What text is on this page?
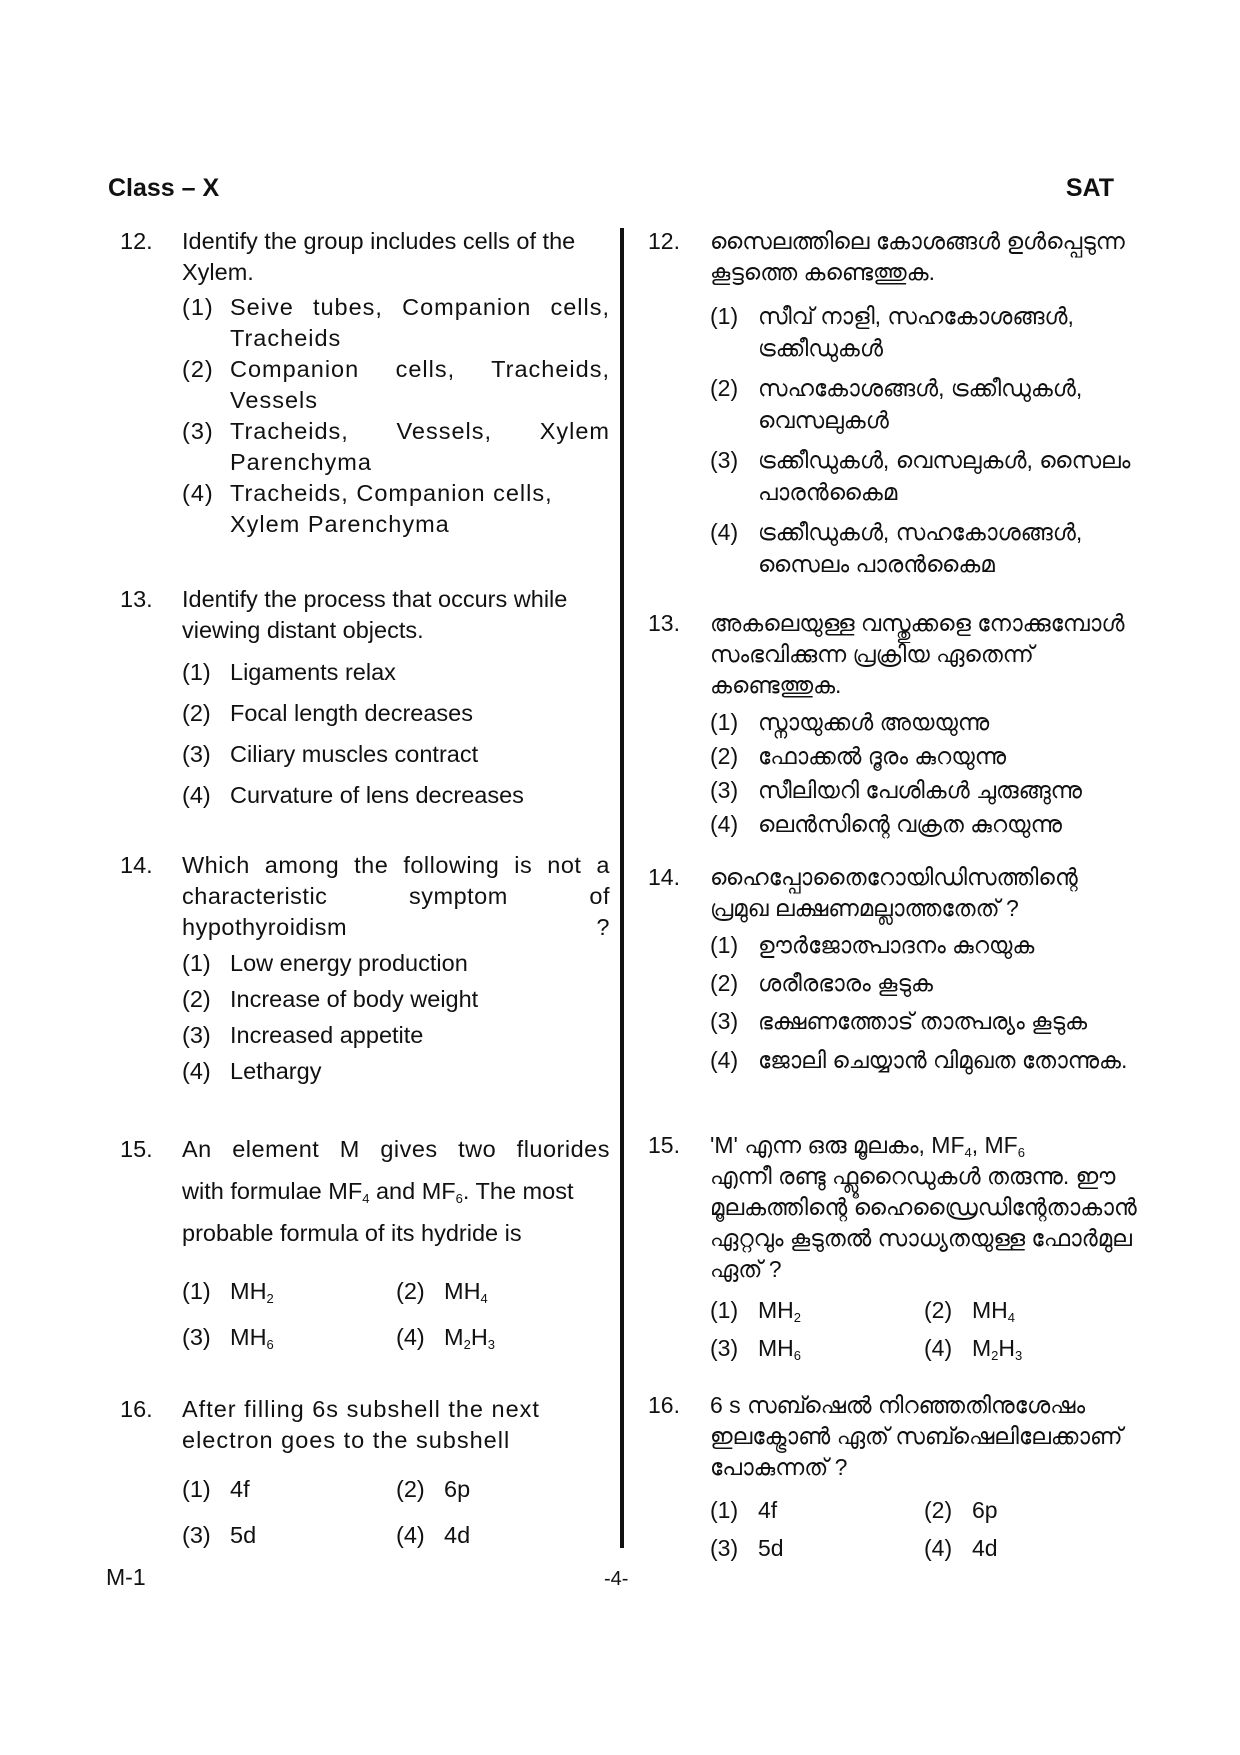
Class – X	SAT
12.	Identify the group includes cells of the Xylem.
(1) Seive tubes, Companion cells, Tracheids
(2) Companion cells, Tracheids, Vessels
(3) Tracheids, Vessels, Xylem Parenchyma
(4) Tracheids, Companion cells, Xylem Parenchyma
13.	Identify the process that occurs while viewing distant objects.
(1) Ligaments relax
(2) Focal length decreases
(3) Ciliary muscles contract
(4) Curvature of lens decreases
14.	Which among the following is not a characteristic symptom of hypothyroidism ?
(1) Low energy production
(2) Increase of body weight
(3) Increased appetite
(4) Lethargy
15.	An element M gives two fluorides
with formulae $MF_4$ and $MF_6$. The most
probable formula of its hydride is
(1) $MH_2$	(2) $MH_4$
(3) $MH_6$	(4) $M_2H_3$
16.	After filling 6s subshell the next electron goes to the subshell
(1) 4f	(2) 6p
(3) 5d	(4) 4d
12.	സൈലത്തിലെ കോശങ്ങൾ ഉൾപ്പെടുന്ന കൂട്ടത്തെ കണ്ടെത്തുക.
(1) സീവ് നാളി, സഹകോശങ്ങൾ, ട്രക്കീഡുകൾ
(2) സഹകോശങ്ങൾ, ട്രക്കീഡുകൾ, വെസലുകൾ
(3) ട്രക്കീഡുകൾ, വെസലുകൾ, സൈലം പാരൻകൈമ
(4) ട്രക്കീഡുകൾ, സഹകോശങ്ങൾ, സൈലം പാരൻകൈമ
13.	അകലെയുള്ള വസ്തുക്കളെ നോക്കുമ്പോൾ സംഭവിക്കുന്ന പ്രക്രിയ ഏതെന്ന് കണ്ടെത്തുക.
(1) സ്നായുക്കൾ അയയുന്നു
(2) ഫോക്കൽ ദൂരം കുറയുന്നു
(3) സീലിയറി പേശികൾ ചുരുങ്ങുന്നു
(4) ലെൻസിന്റെ വക്രത കുറയുന്നു
14.	ഹൈപ്പോതൈറോയിഡിസത്തിന്റെ പ്രമുഖ ലക്ഷണമല്ലാത്തതേത് ?
(1) ഊർജോത്പാദനം കുറയുക
(2) ശരീരഭാരം കൂടുക
(3) ഭക്ഷണത്തോട് താത്പര്യം കൂടുക
(4) ജോലി ചെയ്യാൻ വിമുഖത തോന്നുക.
15.	'M' എന്ന ഒരു മൂലകം, $MF_4$, $MF_6$
എന്നീ രണ്ടു ഫ്ലൂറൈഡുകൾ തരുന്നു. ഈ മൂലകത്തിന്റെ ഹൈഡ്രൈഡിന്റേതാകാൻ ഏറ്റവും കൂടുതൽ സാധ്യതയുള്ള ഫോർമുല ഏത് ?
(1) $MH_2$	(2) $MH_4$
(3) $MH_6$	(4) $M_2H_3$
16.	6 s സബ്ഷെൽ നിറഞ്ഞതിനുശേഷം ഇലക്ട്രോൺ ഏത് സബ്ഷെലിലേക്കാണ് പോകുന്നത് ?
(1) 4f	(2) 6p
(3) 5d	(4) 4d
M-1	-4-
